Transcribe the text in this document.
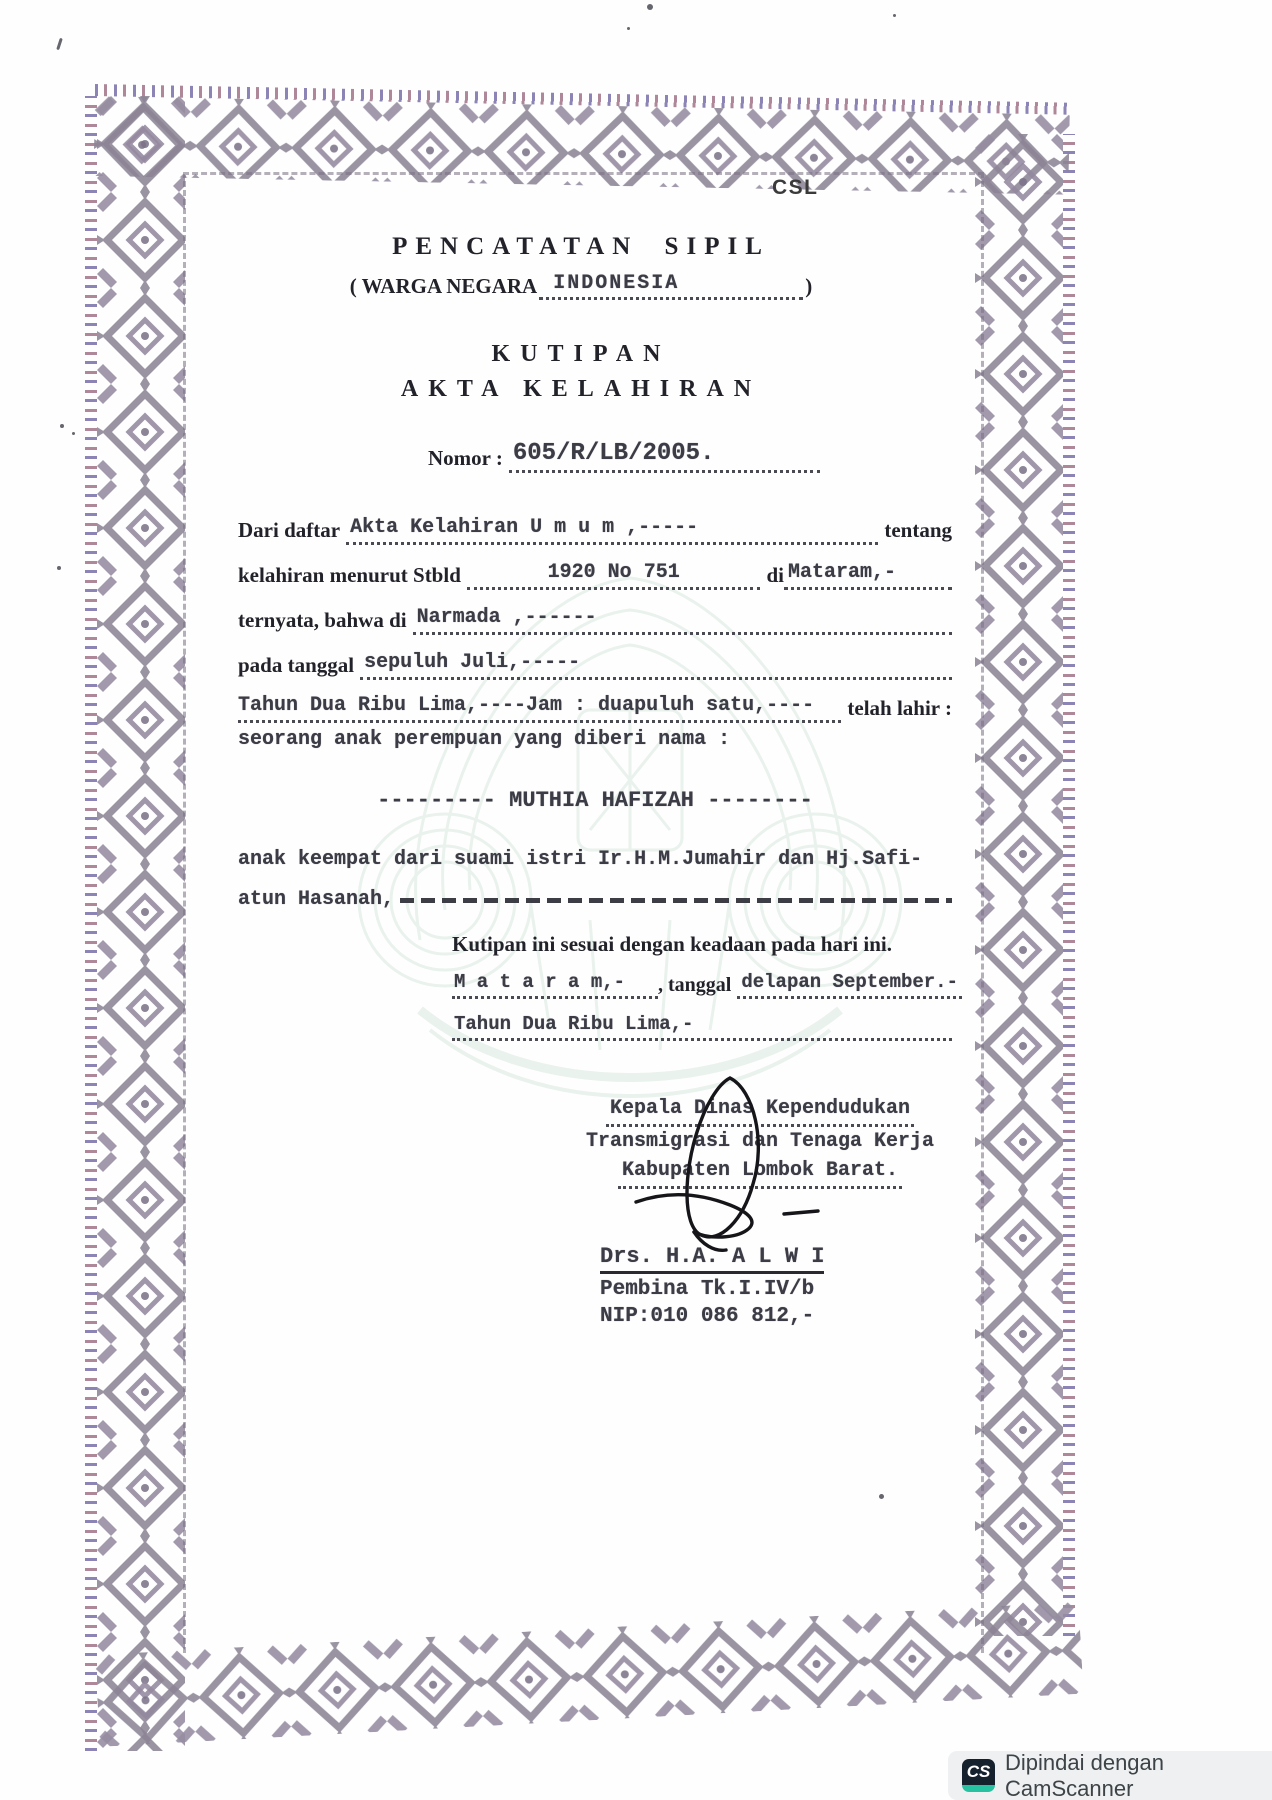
CSL
PENCATATAN SIPIL
( WARGA NEGARA INDONESIA	)
KUTIPAN
AKTA KELAHIRAN
Nomor : 605/R/LB/2005.
Dari daftar Akta Kelahiran U m u m ,-----	tentang
kelahiran menurut Stbld	1920 No 751	di Mataram,-
ternyata, bahwa di Narmada ,------
pada tanggal sepuluh Juli,-----
Tahun Dua Ribu Lima,----Jam : duapuluh satu,---- telah lahir :
seorang anak perempuan yang diberi nama :
--------- MUTHIA HAFIZAH --------
anak keempat dari suami istri Ir.H.M.Jumahir dan Hj.Safi-
atun Hasanah,
Kutipan ini sesuai dengan keadaan pada hari ini.
M a t a r a m,- , tanggal delapan September.-
Tahun Dua Ribu Lima,-
Kepala Dinas Kependudukan
Transmigrasi dan Tenaga Kerja
Kabupaten Lombok Barat.
Drs. H.A. A L W I
Pembina Tk.I.IV/b
NIP:010 086 812,-
CS Dipindai dengan CamScanner
